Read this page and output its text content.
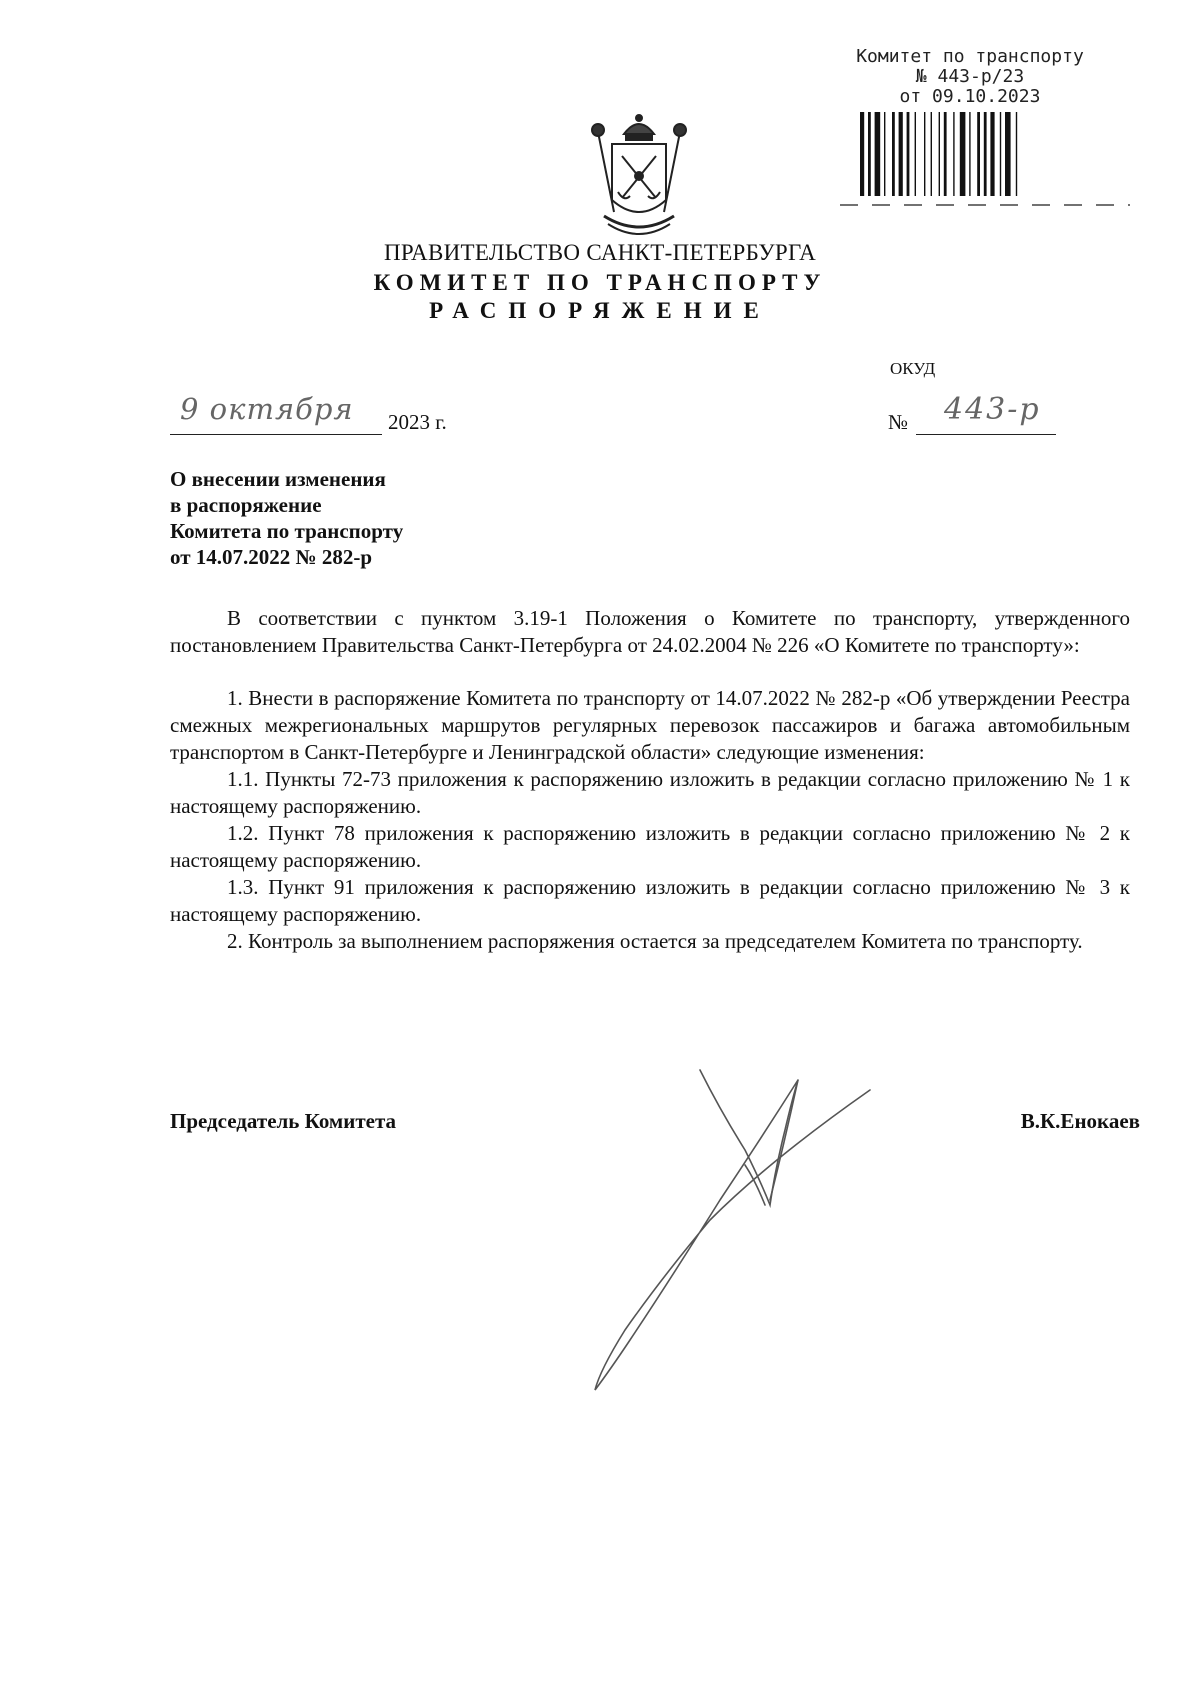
Комитет по транспорту
№ 443-р/23
от 09.10.2023
ПРАВИТЕЛЬСТВО САНКТ-ПЕТЕРБУРГА
КОМИТЕТ ПО ТРАНСПОРТУ
РАСПОРЯЖЕНИЕ
ОКУД
9 октября 2023 г.	№ 443-р
О внесении изменения
в распоряжение
Комитета по транспорту
от 14.07.2022 № 282-р

В соответствии с пунктом 3.19-1 Положения о Комитете по транспорту, утвержденного постановлением Правительства Санкт-Петербурга от 24.02.2004 № 226 «О Комитете по транспорту»:

1. Внести в распоряжение Комитета по транспорту от 14.07.2022 № 282-р «Об утверждении Реестра смежных межрегиональных маршрутов регулярных перевозок пассажиров и багажа автомобильным транспортом в Санкт-Петербурге и Ленинградской области» следующие изменения:

1.1. Пункты 72-73 приложения к распоряжению изложить в редакции согласно приложению № 1 к настоящему распоряжению.

1.2. Пункт 78 приложения к распоряжению изложить в редакции согласно приложению № 2 к настоящему распоряжению.

1.3. Пункт 91 приложения к распоряжению изложить в редакции согласно приложению № 3 к настоящему распоряжению.

2. Контроль за выполнением распоряжения остается за председателем Комитета по транспорту.

Председатель Комитета	В.К.Енокаев
